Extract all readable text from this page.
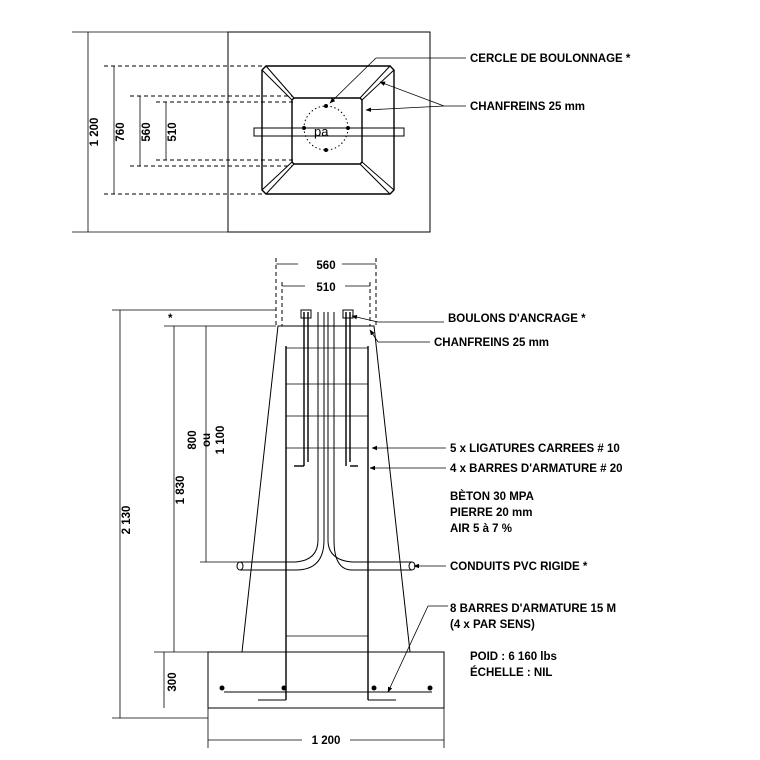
pa
1 200 760 560 510
CERCLE DE BOULONNAGE *
CHANFREINS 25 mm
560
510
2 130
*
1 830
800 ou 1 100
300
1 200
BOULONS D'ANCRAGE *
CHANFREINS 25 mm
5 x LIGATURES CARREES # 10
4 x BARRES D'ARMATURE # 20
CONDUITS PVC RIGIDE *
8 BARRES D'ARMATURE 15 M
(4 x PAR SENS)
BÈTON 30 MPA
PIERRE 20 mm
AIR 5 à 7 %
POID : 6 160 lbs
ÉCHELLE : NIL
